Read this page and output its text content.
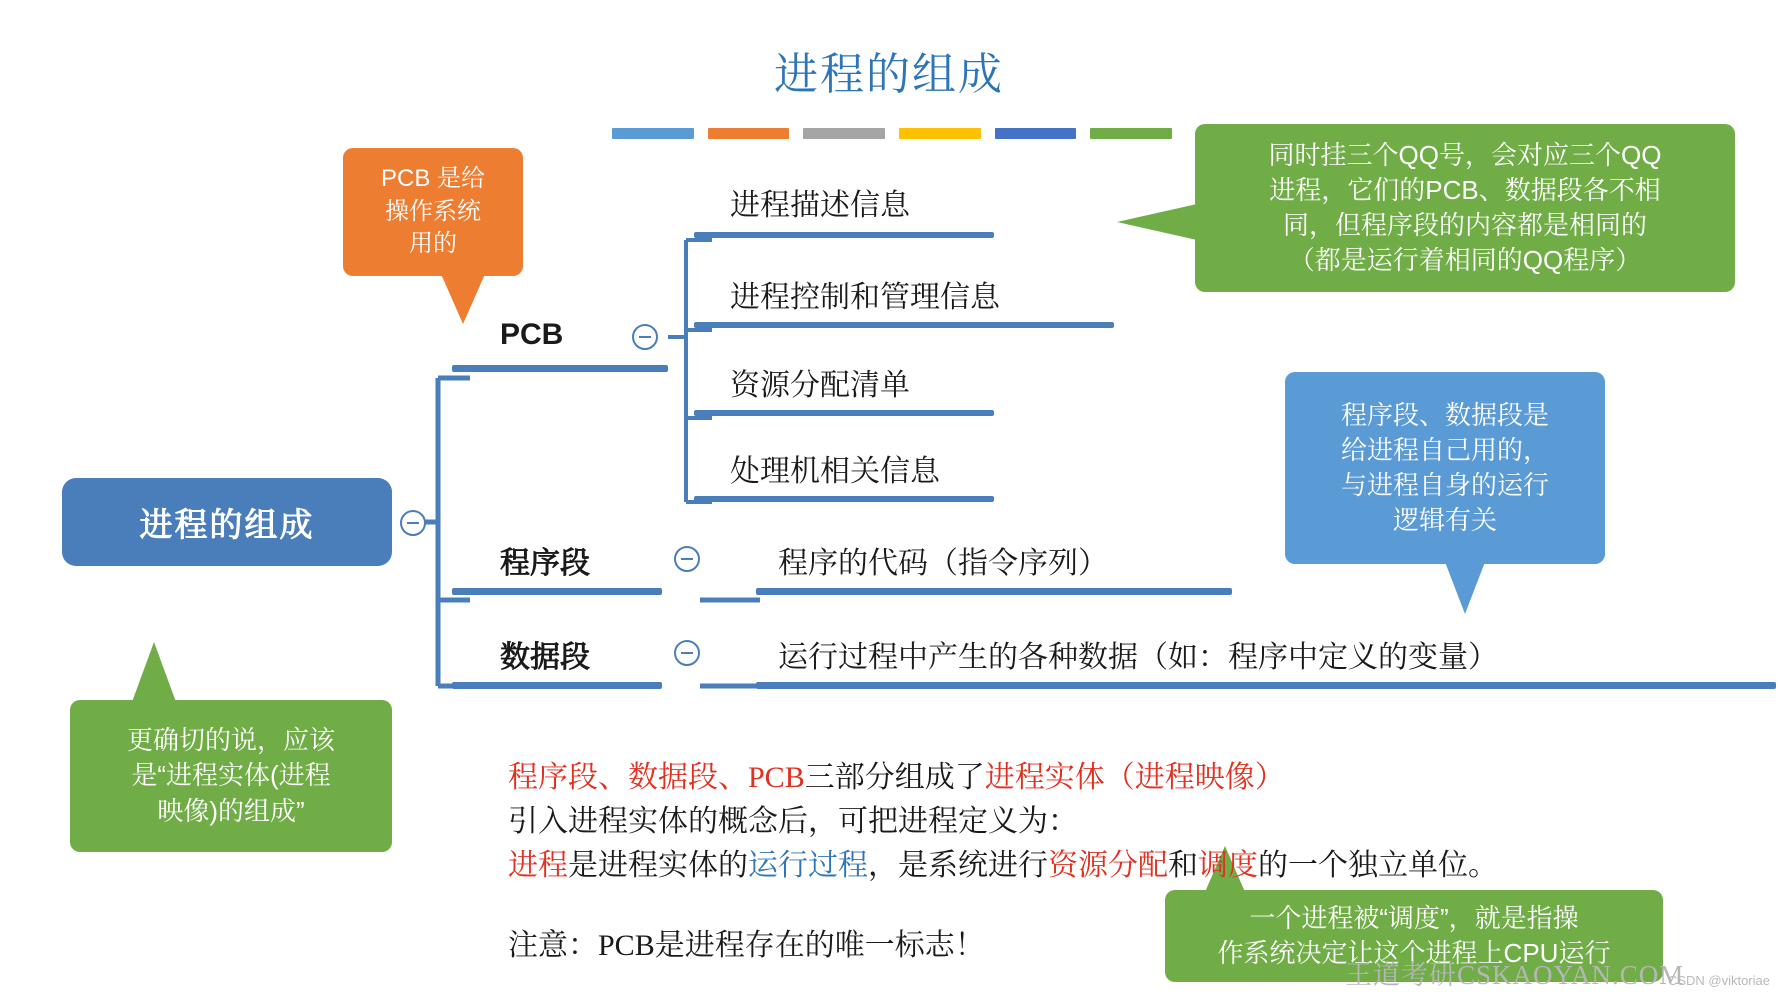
进程的组成
进程的组成
PCB
进程描述信息
进程控制和管理信息
资源分配清单
处理机相关信息
程序段	程序的代码（指令序列）
数据段	运行过程中产生的各种数据（如：程序中定义的变量）
PCB 是给
操作系统
用的
同时挂三个QQ号，会对应三个QQ
进程，它们的PCB、数据段各不相
同，但程序段的内容都是相同的
（都是运行着相同的QQ程序）
程序段、数据段是
给进程自己用的，
与进程自身的运行
逻辑有关
更确切的说，应该
是“进程实体(进程
映像)的组成”
一个进程被“调度”，就是指操
作系统决定让这个进程上CPU运行
程序段、数据段、PCB三部分组成了进程实体（进程映像）
引入进程实体的概念后，可把进程定义为：
进程是进程实体的运行过程，是系统进行资源分配和调度的一个独立单位。
注意：PCB是进程存在的唯一标志！
王道考研CSKAOYAN.COM
CSDN @viktoriae
